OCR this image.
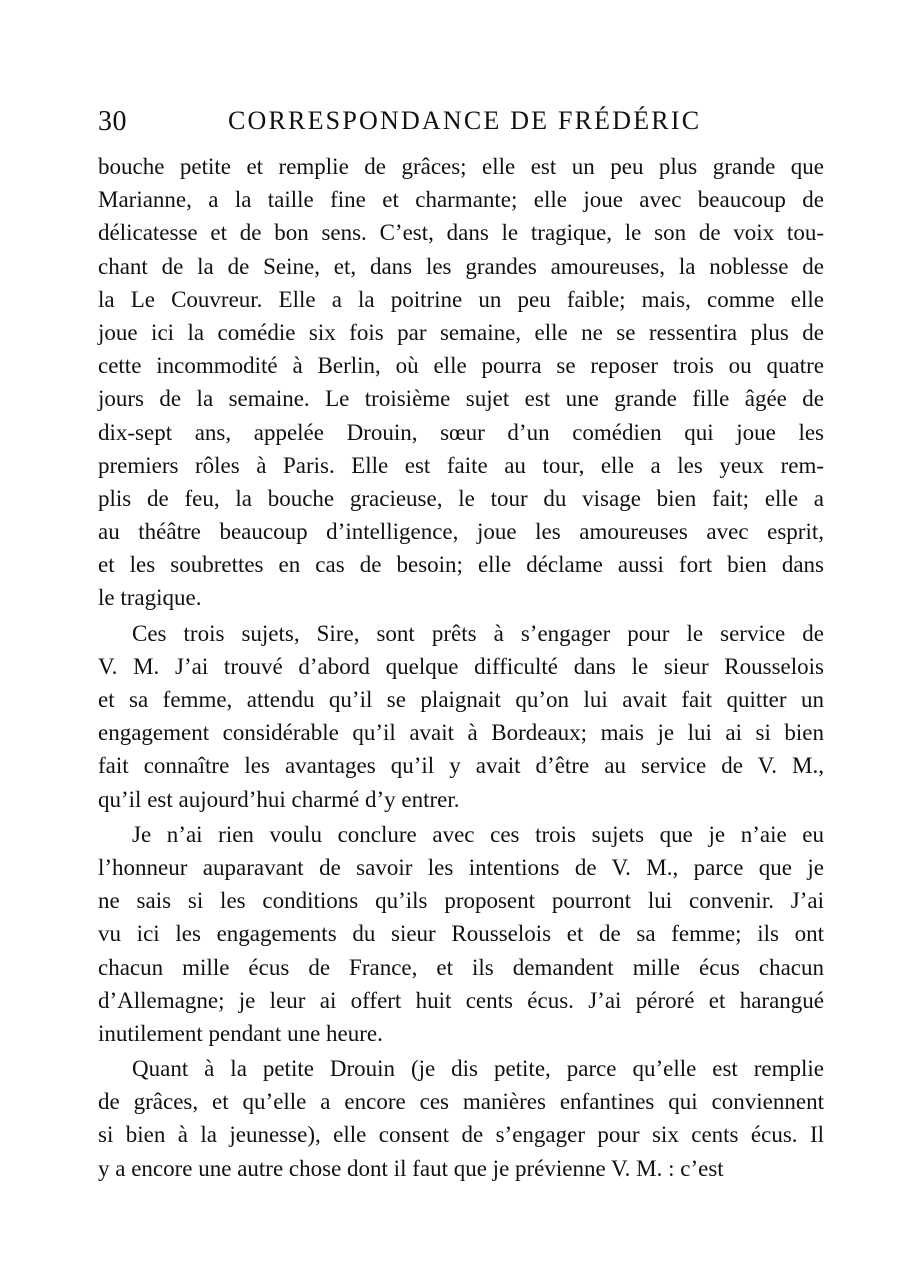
30	CORRESPONDANCE DE FRÉDÉRIC
bouche petite et remplie de grâces; elle est un peu plus grande que
Marianne, a la taille fine et charmante; elle joue avec beaucoup de
délicatesse et de bon sens. C’est, dans le tragique, le son de voix tou-
chant de la de Seine, et, dans les grandes amoureuses, la noblesse de
la Le Couvreur. Elle a la poitrine un peu faible; mais, comme elle
joue ici la comédie six fois par semaine, elle ne se ressentira plus de
cette incommodité à Berlin, où elle pourra se reposer trois ou quatre
jours de la semaine. Le troisième sujet est une grande fille âgée de
dix-sept ans, appelée Drouin, sœur d’un comédien qui joue les
premiers rôles à Paris. Elle est faite au tour, elle a les yeux rem-
plis de feu, la bouche gracieuse, le tour du visage bien fait; elle a
au théâtre beaucoup d’intelligence, joue les amoureuses avec esprit,
et les soubrettes en cas de besoin; elle déclame aussi fort bien dans
le tragique.
Ces trois sujets, Sire, sont prêts à s’engager pour le service de
V. M. J’ai trouvé d’abord quelque difficulté dans le sieur Rousselois
et sa femme, attendu qu’il se plaignait qu’on lui avait fait quitter un
engagement considérable qu’il avait à Bordeaux; mais je lui ai si bien
fait connaître les avantages qu’il y avait d’être au service de V. M.,
qu’il est aujourd’hui charmé d’y entrer.
Je n’ai rien voulu conclure avec ces trois sujets que je n’aie eu
l’honneur auparavant de savoir les intentions de V. M., parce que je
ne sais si les conditions qu’ils proposent pourront lui convenir. J’ai
vu ici les engagements du sieur Rousselois et de sa femme; ils ont
chacun mille écus de France, et ils demandent mille écus chacun
d’Allemagne; je leur ai offert huit cents écus. J’ai péroré et harangué
inutilement pendant une heure.
Quant à la petite Drouin (je dis petite, parce qu’elle est remplie
de grâces, et qu’elle a encore ces manières enfantines qui conviennent
si bien à la jeunesse), elle consent de s’engager pour six cents écus. Il
y a encore une autre chose dont il faut que je prévienne V. M. : c’est
